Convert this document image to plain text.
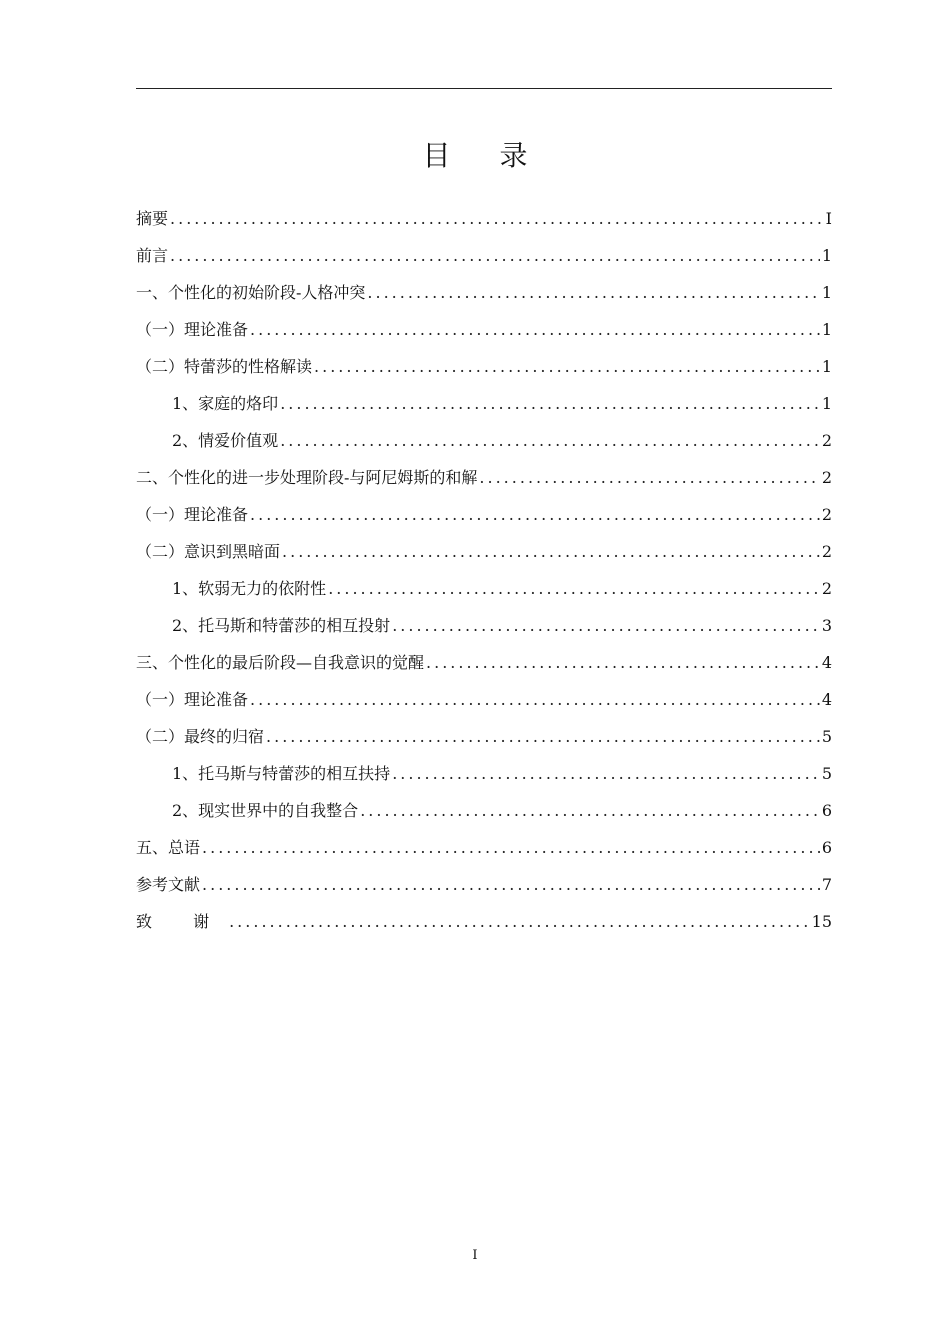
目 录
摘要 .....	I
前言 .....	1
一、个性化的初始阶段-人格冲突 .....	1
（一）理论准备 .....	1
（二）特蕾莎的性格解读 .....	1
1、家庭的烙印 .....	1
2、情爱价值观 .....	2
二、个性化的进一步处理阶段-与阿尼姆斯的和解 .....	2
（一）理论准备 .....	2
（二）意识到黑暗面 .....	2
1、软弱无力的依附性 .....	2
2、托马斯和特蕾莎的相互投射 .....	3
三、个性化的最后阶段—自我意识的觉醒 .....	4
（一）理论准备 .....	4
（二）最终的归宿 .....	5
1、托马斯与特蕾莎的相互扶持 .....	5
2、现实世界中的自我整合 .....	6
五、总语 .....	6
参考文献 .....	7
致 谢 .....	15
I
